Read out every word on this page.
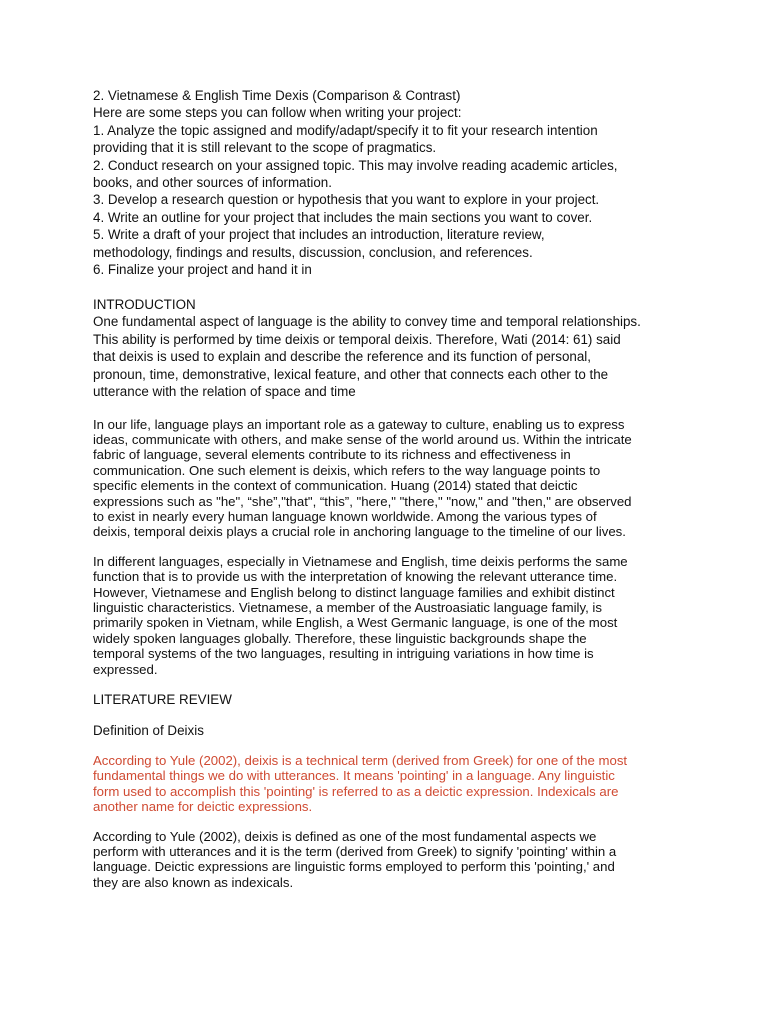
2. Vietnamese & English Time Dexis (Comparison & Contrast)
Here are some steps you can follow when writing your project:
1. Analyze the topic assigned and modify/adapt/specify it to fit your research intention
providing that it is still relevant to the scope of pragmatics.
2. Conduct research on your assigned topic. This may involve reading academic articles,
books, and other sources of information.
3. Develop a research question or hypothesis that you want to explore in your project.
4. Write an outline for your project that includes the main sections you want to cover.
5. Write a draft of your project that includes an introduction, literature review,
methodology, findings and results, discussion, conclusion, and references.
6. Finalize your project and hand it in
INTRODUCTION
One fundamental aspect of language is the ability to convey time and temporal relationships.
This ability is performed by time deixis or temporal deixis. Therefore, Wati (2014: 61) said
that deixis is used to explain and describe the reference and its function of personal,
pronoun, time, demonstrative, lexical feature, and other that connects each other to the
utterance with the relation of space and time
In our life, language plays an important role as a gateway to culture, enabling us to express
ideas, communicate with others, and make sense of the world around us. Within the intricate
fabric of language, several elements contribute to its richness and effectiveness in
communication. One such element is deixis, which refers to the way language points to
specific elements in the context of communication. Huang (2014) stated that deictic
expressions such as "he", “she”,"that", “this”, "here," "there," "now," and "then," are observed
to exist in nearly every human language known worldwide. Among the various types of
deixis, temporal deixis plays a crucial role in anchoring language to the timeline of our lives.
In different languages, especially in Vietnamese and English, time deixis performs the same
function that is to provide us with the interpretation of knowing the relevant utterance time.
However, Vietnamese and English belong to distinct language families and exhibit distinct
linguistic characteristics. Vietnamese, a member of the Austroasiatic language family, is
primarily spoken in Vietnam, while English, a West Germanic language, is one of the most
widely spoken languages globally. Therefore, these linguistic backgrounds shape the
temporal systems of the two languages, resulting in intriguing variations in how time is
expressed.
LITERATURE REVIEW
Definition of Deixis
According to Yule (2002), deixis is a technical term (derived from Greek) for one of the most
fundamental things we do with utterances. It means 'pointing' in a language. Any linguistic
form used to accomplish this 'pointing' is referred to as a deictic expression. Indexicals are
another name for deictic expressions.
According to Yule (2002), deixis is defined as one of the most fundamental aspects we
perform with utterances and it is the term (derived from Greek) to signify 'pointing' within a
language. Deictic expressions are linguistic forms employed to perform this 'pointing,' and
they are also known as indexicals.
